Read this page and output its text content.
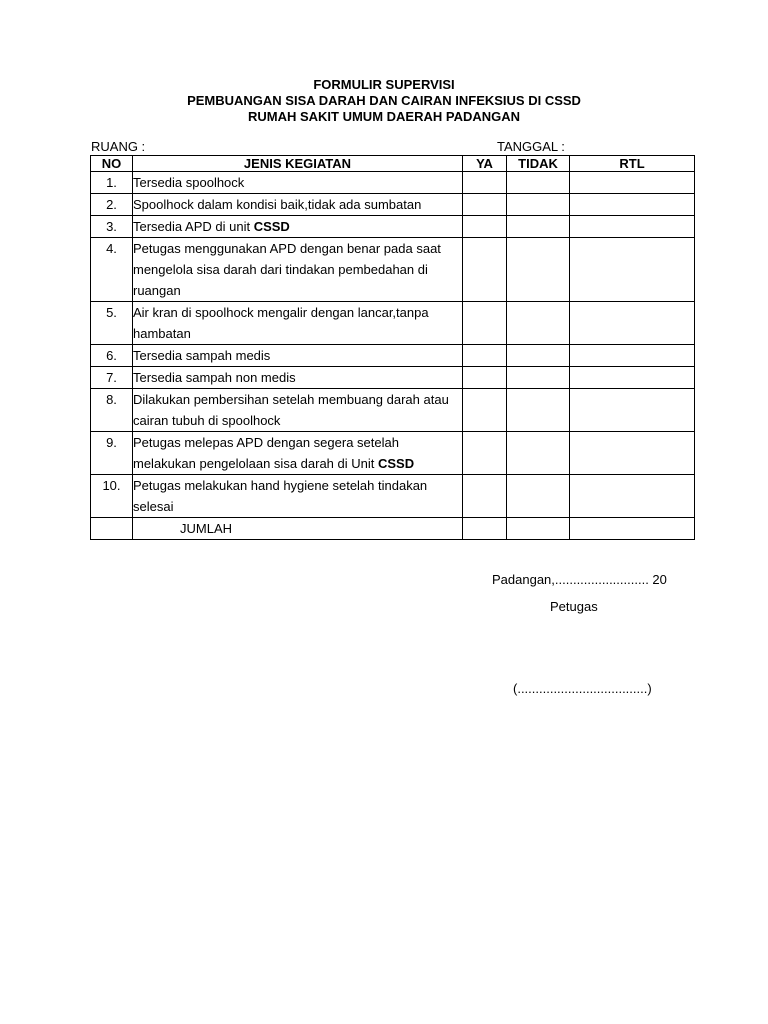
FORMULIR SUPERVISI
PEMBUANGAN SISA DARAH DAN CAIRAN INFEKSIUS DI CSSD
RUMAH SAKIT UMUM DAERAH PADANGAN
RUANG :	TANGGAL :
NO	JENIS KEGIATAN	YA	TIDAK	RTL
1.	Tersedia spoolhock			
2.	Spoolhock dalam kondisi baik,tidak ada sumbatan			
3.	Tersedia APD di unit CSSD			
4.	Petugas menggunakan APD dengan benar pada saat mengelola sisa darah dari tindakan pembedahan di ruangan			
5.	Air kran di spoolhock mengalir dengan lancar,tanpa hambatan			
6.	Tersedia sampah medis			
7.	Tersedia sampah non medis			
8.	Dilakukan pembersihan setelah membuang darah atau cairan tubuh di spoolhock			
9.	Petugas melepas APD dengan segera setelah melakukan pengelolaan sisa darah di Unit CSSD			
10.	Petugas melakukan hand hygiene setelah tindakan selesai			
	JUMLAH			
Padangan,.......................... 20
Petugas
(....................................)
